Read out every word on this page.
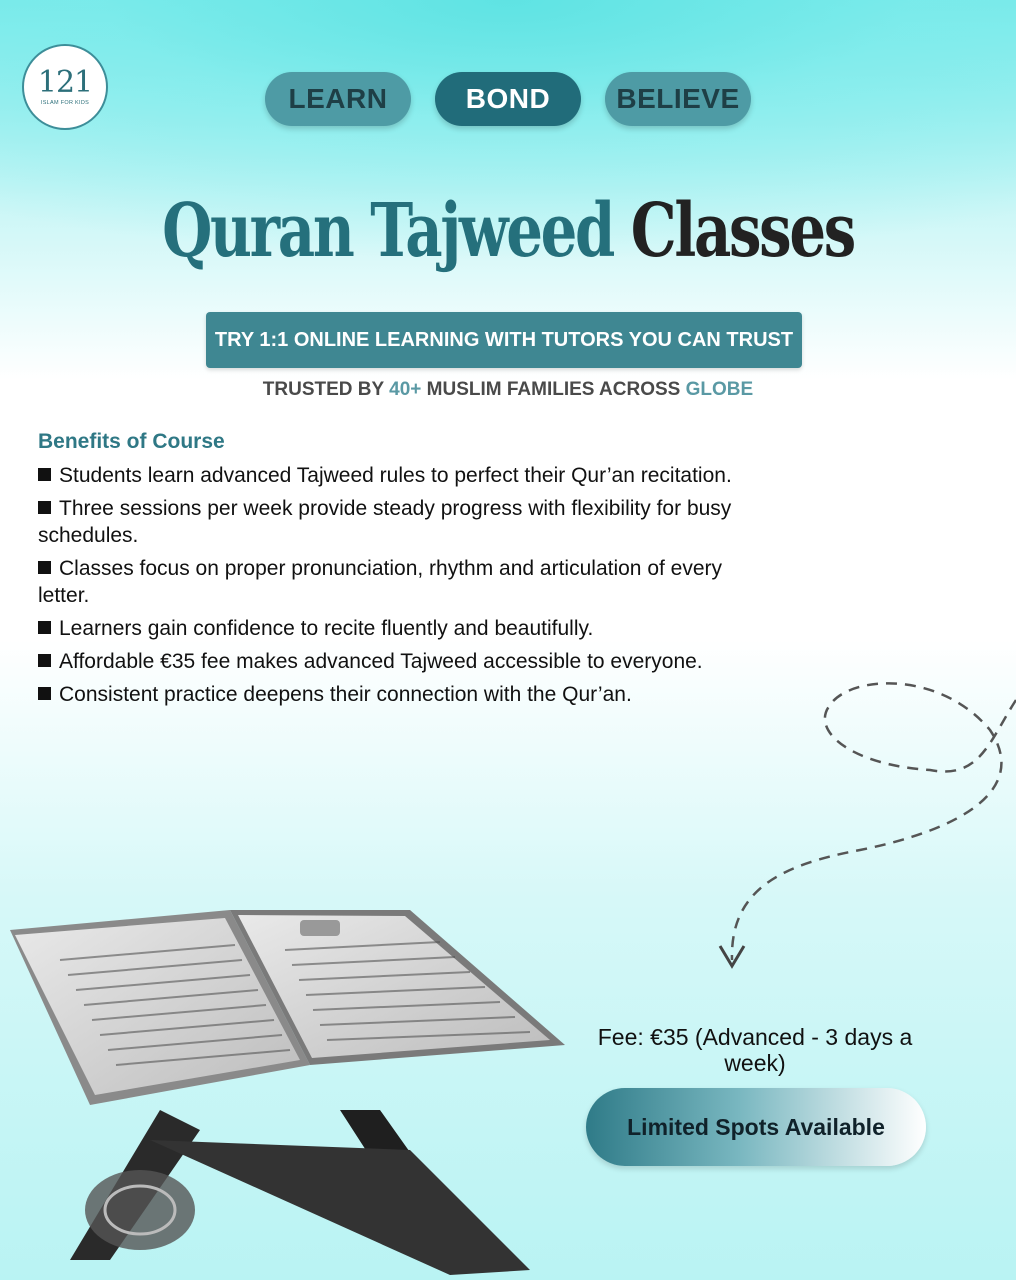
121
ISLAM FOR KIDS	LEARN	BOND	BELIEVE
Quran Tajweed Classes
TRY 1:1 ONLINE LEARNING WITH TUTORS YOU CAN TRUST
TRUSTED BY 40+ MUSLIM FAMILIES ACROSS GLOBE
Benefits of Course
Students learn advanced Tajweed rules to perfect their Qur’an recitation.
Three sessions per week provide steady progress with flexibility for busy schedules.
Classes focus on proper pronunciation, rhythm and articulation of every letter.
Learners gain confidence to recite fluently and beautifully.
Affordable €35 fee makes advanced Tajweed accessible to everyone.
Consistent practice deepens their connection with the Qur’an.
Fee: €35 (Advanced - 3 days a
week)
Limited Spots Available
